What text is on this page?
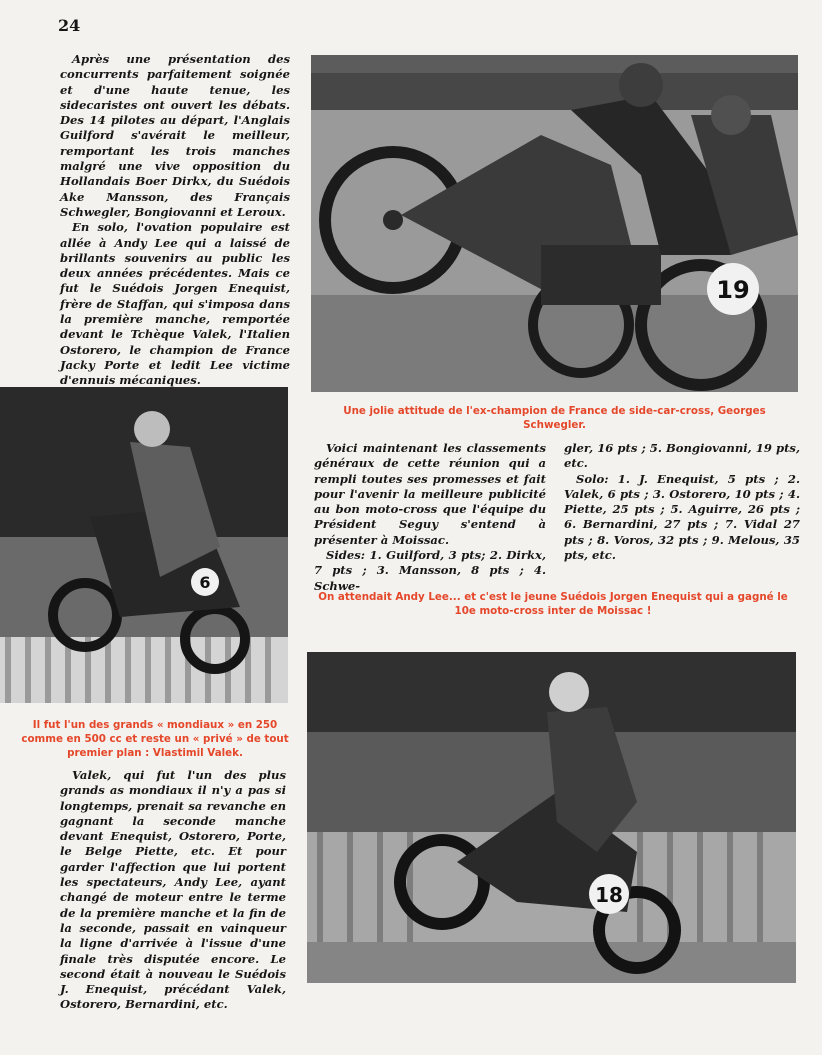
24

Après une présentation des concurrents parfaitement soignée et d'une haute tenue, les sidecaristes ont ouvert les débats. Des 14 pilotes au départ, l'Anglais Guilford s'avérait le meilleur, remportant les trois manches malgré une vive opposition du Hollandais Boer Dirkx, du Suédois Ake Mansson, des Français Schwegler, Bongiovanni et Leroux.

En solo, l'ovation populaire est allée à Andy Lee qui a laissé de brillants souvenirs au public les deux années précédentes. Mais ce fut le Suédois Jorgen Enequist, frère de Staffan, qui s'imposa dans la première manche, remportée devant le Tchèque Valek, l'Italien Ostorero, le champion de France Jacky Porte et ledit Lee victime d'ennuis mécaniques.

19
Une jolie attitude de l'ex-champion de France de side-car-cross, Georges Schwegler.
6
Il fut l'un des grands « mondiaux » en 250 comme en 500 cc et reste un « privé » de tout premier plan : Vlastimil Valek.

Valek, qui fut l'un des plus grands as mondiaux il n'y a pas si longtemps, prenait sa revanche en gagnant la seconde manche devant Enequist, Ostorero, Porte, le Belge Piette, etc. Et pour garder l'affection que lui portent les spectateurs, Andy Lee, ayant changé de moteur entre le terme de la première manche et la fin de la seconde, passait en vainqueur la ligne d'arrivée à l'issue d'une finale très disputée encore. Le second était à nouveau le Suédois J. Enequist, précédant Valek, Ostorero, Bernardini, etc.

Voici maintenant les classements généraux de cette réunion qui a rempli toutes ses promesses et fait pour l'avenir la meilleure publicité au bon moto-cross que l'équipe du Président Seguy s'entend à présenter à Moissac.

Sides: 1. Guilford, 3 pts; 2. Dirkx, 7 pts ; 3. Mansson, 8 pts ; 4. Schwe-

gler, 16 pts ; 5. Bongiovanni, 19 pts, etc.

Solo: 1. J. Enequist, 5 pts ; 2. Valek, 6 pts ; 3. Ostorero, 10 pts ; 4. Piette, 25 pts ; 5. Aguirre, 26 pts ; 6. Bernardini, 27 pts ; 7. Vidal 27 pts ; 8. Voros, 32 pts ; 9. Melous, 35 pts, etc.

On attendait Andy Lee... et c'est le jeune Suédois Jorgen Enequist qui a gagné le 10e moto-cross inter de Moissac !
18
